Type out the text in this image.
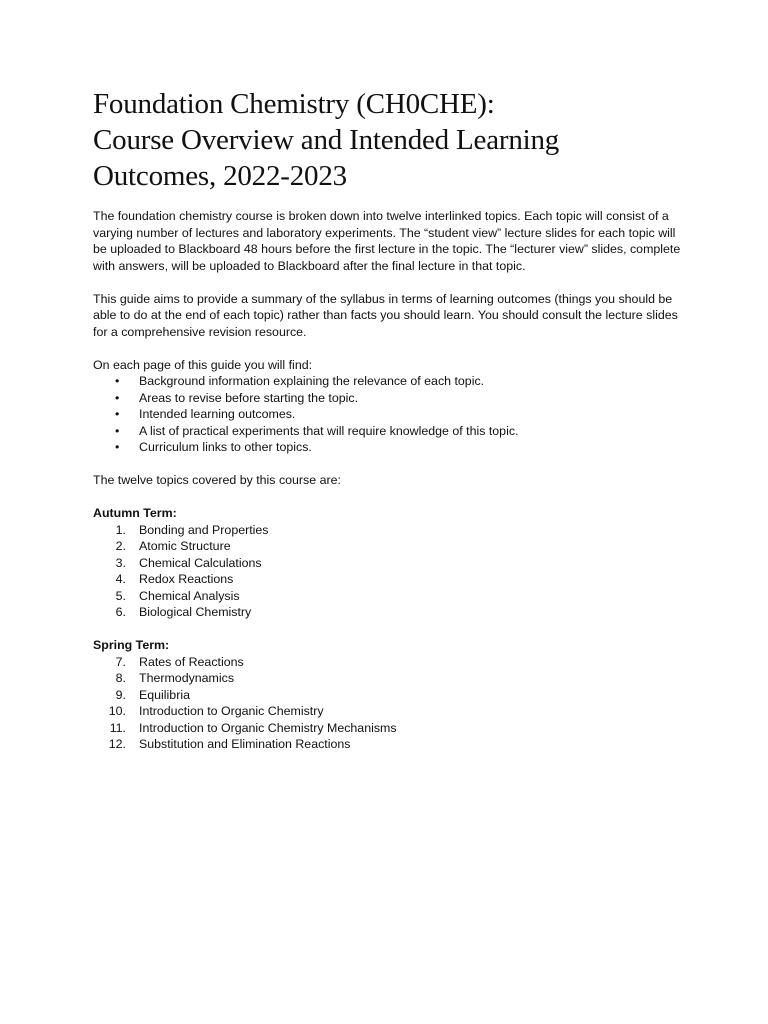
Foundation Chemistry (CH0CHE):
Course Overview and Intended Learning
Outcomes, 2022-2023

The foundation chemistry course is broken down into twelve interlinked topics. Each topic will consist of a varying number of lectures and laboratory experiments. The “student view” lecture slides for each topic will be uploaded to Blackboard 48 hours before the first lecture in the topic. The “lecturer view” slides, complete with answers, will be uploaded to Blackboard after the final lecture in that topic.

This guide aims to provide a summary of the syllabus in terms of learning outcomes (things you should be able to do at the end of each topic) rather than facts you should learn. You should consult the lecture slides for a comprehensive revision resource.

On each page of this guide you will find:

• Background information explaining the relevance of each topic.
• Areas to revise before starting the topic.
• Intended learning outcomes.
• A list of practical experiments that will require knowledge of this topic.
• Curriculum links to other topics.

The twelve topics covered by this course are:

Autumn Term:

1. Bonding and Properties
2. Atomic Structure
3. Chemical Calculations
4. Redox Reactions
5. Chemical Analysis
6. Biological Chemistry

Spring Term:

7. Rates of Reactions
8. Thermodynamics
9. Equilibria
10. Introduction to Organic Chemistry
11. Introduction to Organic Chemistry Mechanisms
12. Substitution and Elimination Reactions
